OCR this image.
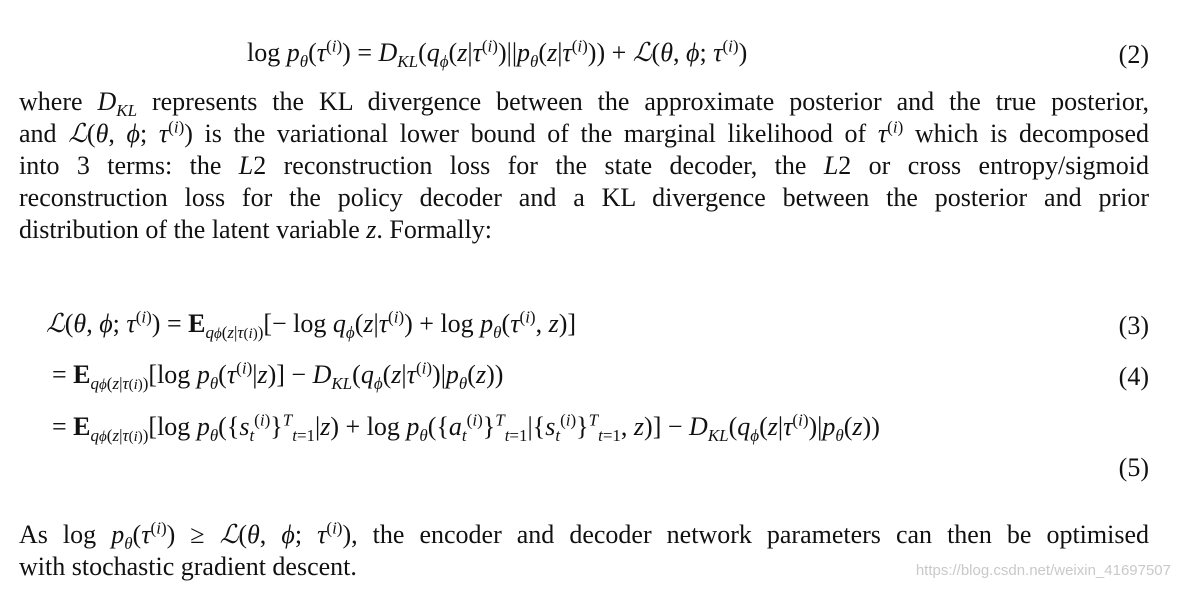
$\log p_\theta(\tau^{(i)}) = D_{KL}(q_\phi(z|\tau^{(i)})||p_\theta(z|\tau^{(i)}))$ + ℒ(θ, ϕ; $\tau^{(i)}$)	(2)
where $D_{KL}$ represents the KL divergence between the approximate posterior and the true posterior,
and ℒ(θ, ϕ; $\tau^{(i)}$) is the variational lower bound of the marginal likelihood of $\tau^{(i)}$ which is decomposed
into 3 terms: the L2 reconstruction loss for the state decoder, the L2 or cross entropy/sigmoid
reconstruction loss for the policy decoder and a KL divergence between the posterior and prior
distribution of the latent variable z. Formally:
ℒ(θ, ϕ; $\tau^{(i)}) = E_{q\phi(z|\tau(i))}[- \log q_\phi(z|\tau^{(i)}) + \log p_\theta(\tau^{(i)}$, z)]	(3)
= $E_{q\phi(z|\tau(i))}[\log$ $p_\theta(\tau^{(i)}|z)] - D_{KL}(q_\phi(z|\tau^{(i)})|p_\theta(z))$	(4)
= $E_{q\phi(z|\tau(i))}[\log$ $p_\theta(\{s_t^{(i)}\}^T_{t=1}|z) + \log p_\theta(\{a_t^{(i)}\}^T_{t=1}|\{s_t^{(i)}\}^T_{t=1}$, $z)] - D_{KL}(q_\phi(z|\tau^{(i)})|p_\theta(z))$
(5)
As $\log p_\theta(\tau^{(i)})$ ≥ ℒ(θ, ϕ; $\tau^{(i)}$), the encoder and decoder network parameters can then be optimised
with stochastic gradient descent.	https://blog.csdn.net/weixin_41697507
